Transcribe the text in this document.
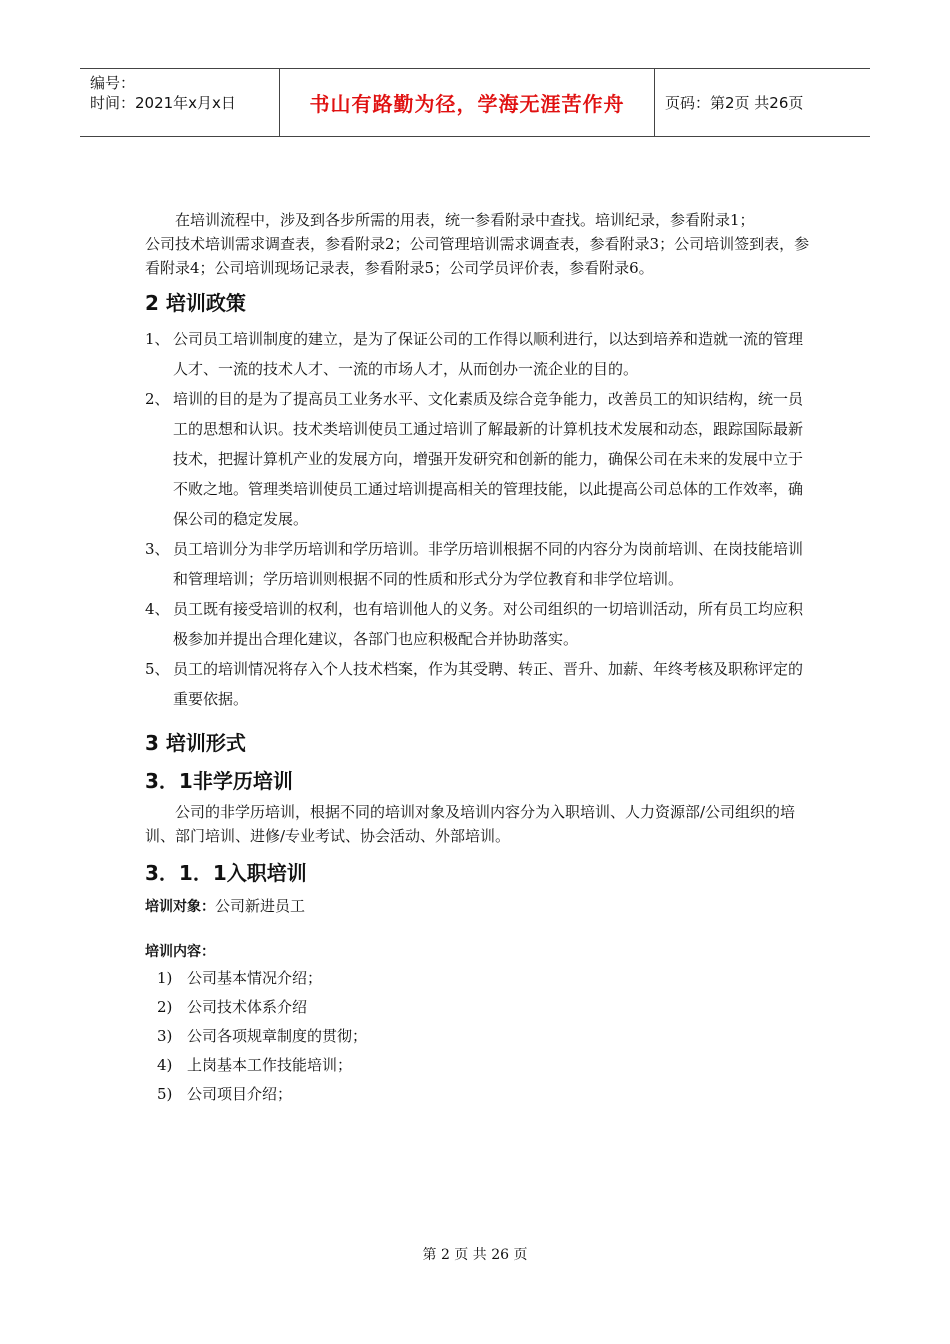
编号：
时间：2021年x月x日	书山有路勤为径，学海无涯苦作舟	页码：第2页 共26页

在培训流程中，涉及到各步所需的用表，统一参看附录中查找。培训纪录，参看附录1；

公司技术培训需求调查表，参看附录2；公司管理培训需求调查表，参看附录3；公司培训签到表，参看附录4；公司培训现场记录表，参看附录5；公司学员评价表，参看附录6。

2 培训政策
1、 公司员工培训制度的建立，是为了保证公司的工作得以顺利进行，以达到培养和造就一流的管理人才、一流的技术人才、一流的市场人才，从而创办一流企业的目的。
2、 培训的目的是为了提高员工业务水平、文化素质及综合竞争能力，改善员工的知识结构，统一员工的思想和认识。技术类培训使员工通过培训了解最新的计算机技术发展和动态，跟踪国际最新技术，把握计算机产业的发展方向，增强开发研究和创新的能力，确保公司在未来的发展中立于不败之地。管理类培训使员工通过培训提高相关的管理技能，以此提高公司总体的工作效率，确保公司的稳定发展。
3、 员工培训分为非学历培训和学历培训。非学历培训根据不同的内容分为岗前培训、在岗技能培训和管理培训；学历培训则根据不同的性质和形式分为学位教育和非学位培训。
4、 员工既有接受培训的权利，也有培训他人的义务。对公司组织的一切培训活动，所有员工均应积极参加并提出合理化建议，各部门也应积极配合并协助落实。
5、 员工的培训情况将存入个人技术档案，作为其受聘、转正、晋升、加薪、年终考核及职称评定的重要依据。
3 培训形式
3．1非学历培训

公司的非学历培训，根据不同的培训对象及培训内容分为入职培训、人力资源部/公司组织的培训、部门培训、进修/专业考试、协会活动、外部培训。

3．1．1入职培训

培训对象：公司新进员工

培训内容：

1) 公司基本情况介绍；
2) 公司技术体系介绍
3) 公司各项规章制度的贯彻；
4) 上岗基本工作技能培训；
5) 公司项目介绍；
第 2 页 共 26 页
